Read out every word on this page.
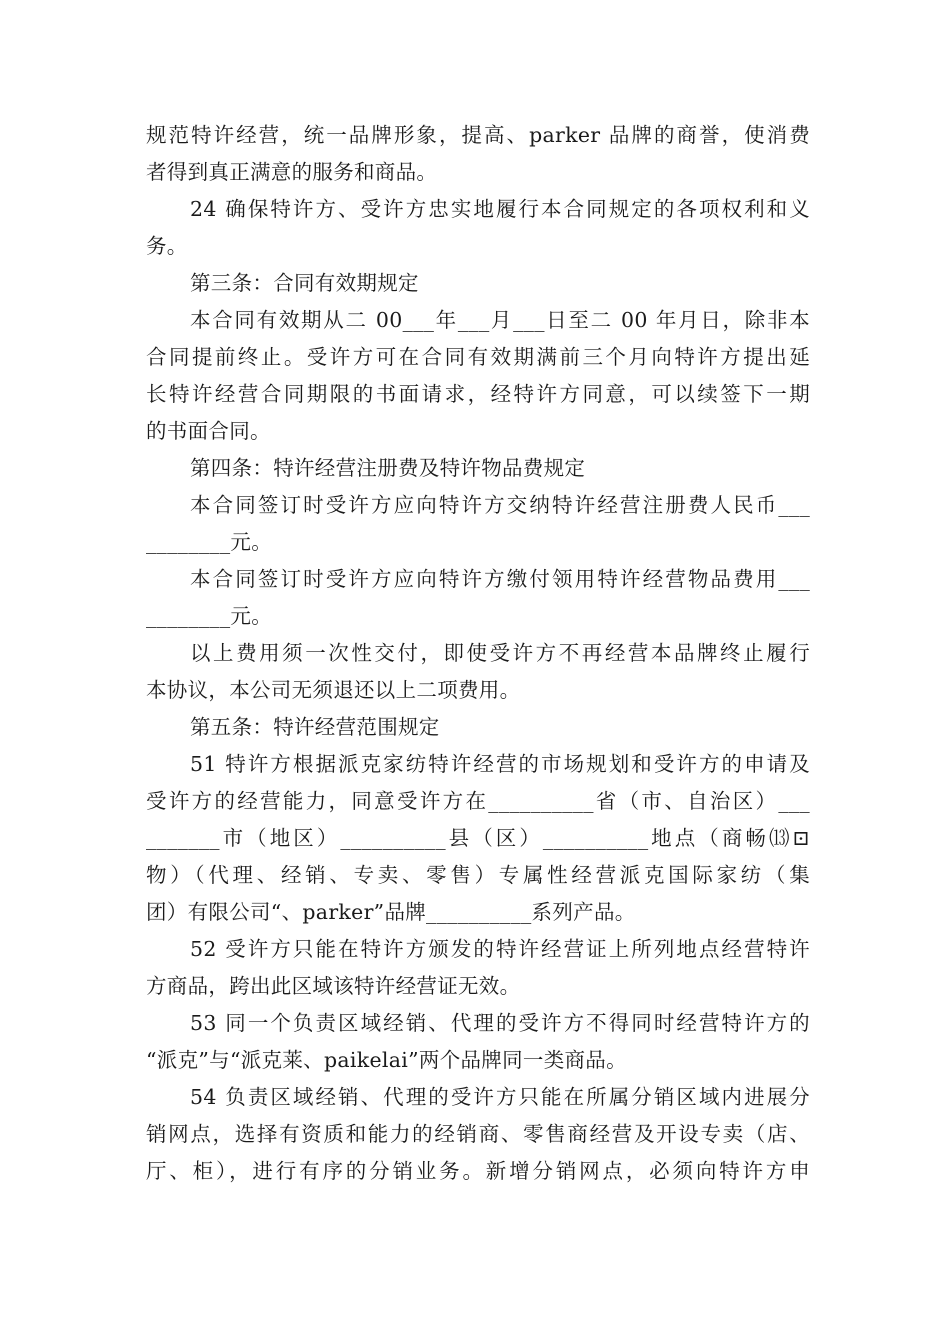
规范特许经营，统一品牌形象，提高、parker 品牌的商誉，使消费
者得到真正满意的服务和商品。
24 确保特许方、受许方忠实地履行本合同规定的各项权利和义
务。
第三条：合同有效期规定
本合同有效期从二 00___年___月___日至二 00 年月日，除非本
合同提前终止。受许方可在合同有效期满前三个月向特许方提出延
长特许经营合同期限的书面请求，经特许方同意，可以续签下一期
的书面合同。
第四条：特许经营注册费及特许物品费规定
本合同签订时受许方应向特许方交纳特许经营注册费人民币___
________元。
本合同签订时受许方应向特许方缴付领用特许经营物品费用___
________元。
以上费用须一次性交付，即使受许方不再经营本品牌终止履行
本协议，本公司无须退还以上二项费用。
第五条：特许经营范围规定
51 特许方根据派克家纺特许经营的市场规划和受许方的申请及
受许方的经营能力，同意受许方在__________省（市、自治区）___
_______市（地区）__________县（区）__________地点（商畅⒀⊡
物）（代理、经销、专卖、零售）专属性经营派克国际家纺（集
团）有限公司“、parker”品牌__________系列产品。
52 受许方只能在特许方颁发的特许经营证上所列地点经营特许
方商品，跨出此区域该特许经营证无效。
53 同一个负责区域经销、代理的受许方不得同时经营特许方的
“派克”与“派克莱、paikelai”两个品牌同一类商品。
54 负责区域经销、代理的受许方只能在所属分销区域内进展分
销网点，选择有资质和能力的经销商、零售商经营及开设专卖（店、
厅、柜），进行有序的分销业务。新增分销网点，必须向特许方申
